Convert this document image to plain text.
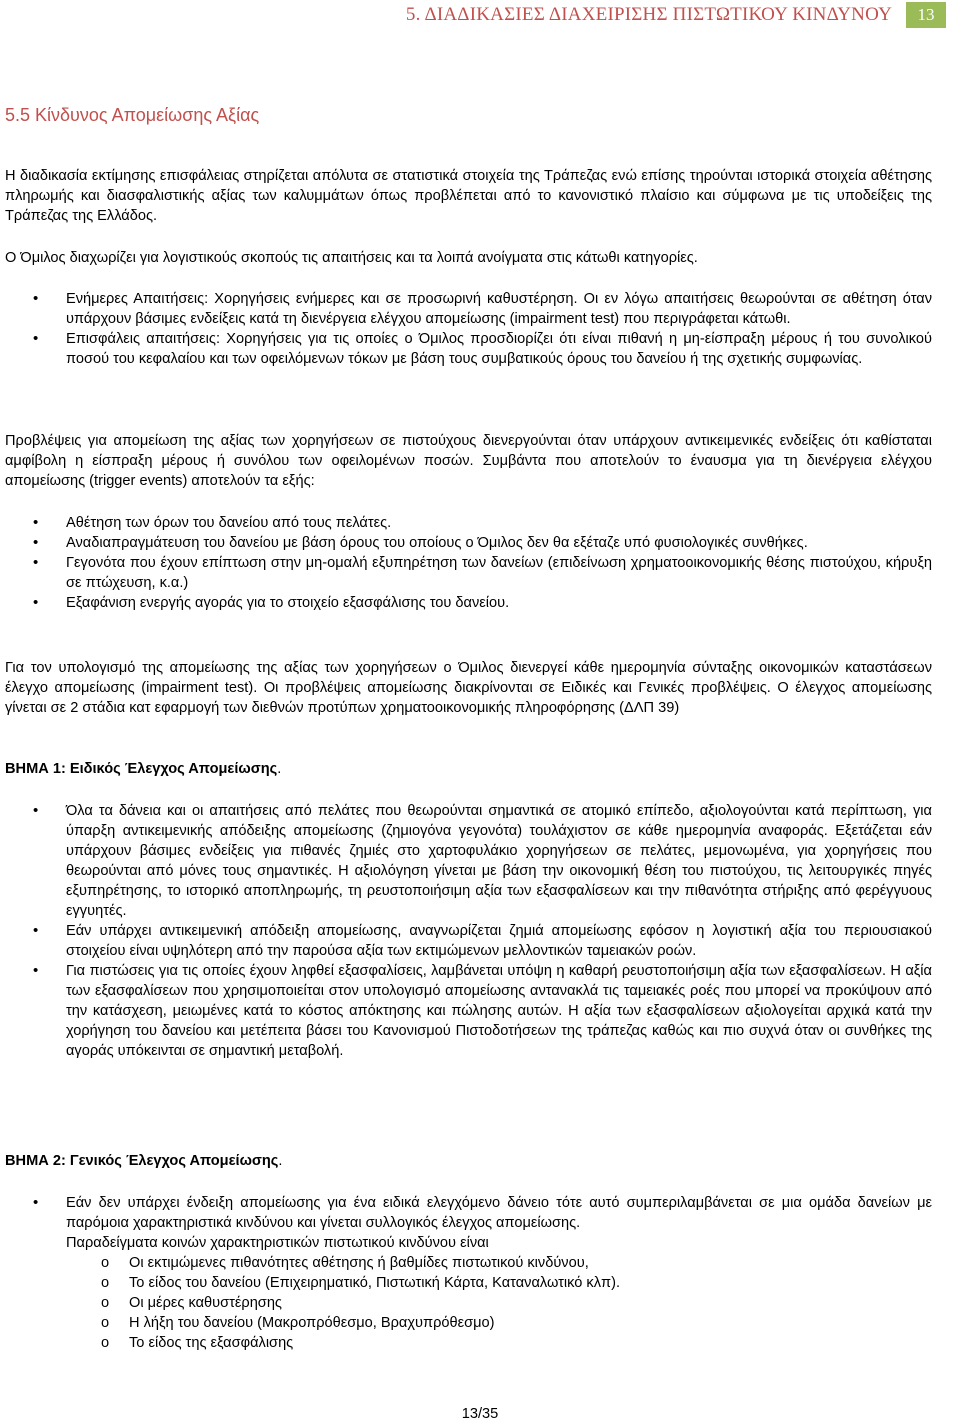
5. ΔΙΑΔΙΚΑΣΙΕΣ ΔΙΑΧΕΙΡΙΣΗΣ ΠΙΣΤΩΤΙΚΟΥ ΚΙΝΔΥΝΟΥ	13
5.5 Κίνδυνος Απομείωσης Αξίας

Η διαδικασία εκτίμησης επισφάλειας στηρίζεται απόλυτα σε στατιστικά στοιχεία της Τράπεζας ενώ επίσης τηρούνται ιστορικά στοιχεία αθέτησης πληρωμής και διασφαλιστικής αξίας των καλυμμάτων όπως προβλέπεται από το κανονιστικό πλαίσιο και σύμφωνα με τις υποδείξεις της Τράπεζας της Ελλάδος.

Ο Όμιλος διαχωρίζει για λογιστικούς σκοπούς τις απαιτήσεις και τα λοιπά ανοίγματα στις κάτωθι κατηγορίες.

• Ενήμερες Απαιτήσεις: Χορηγήσεις ενήμερες και σε προσωρινή καθυστέρηση. Οι εν λόγω απαιτήσεις θεωρούνται σε αθέτηση όταν υπάρχουν βάσιμες ενδείξεις κατά τη διενέργεια ελέγχου απομείωσης (impairment test) που περιγράφεται κάτωθι.
• Επισφάλεις απαιτήσεις: Χορηγήσεις για τις οποίες ο Όμιλος προσδιορίζει ότι είναι πιθανή η μη-είσπραξη μέρους ή του συνολικού ποσού του κεφαλαίου και των οφειλόμενων τόκων με βάση τους συμβατικούς όρους του δανείου ή της σχετικής συμφωνίας.

Προβλέψεις για απομείωση της αξίας των χορηγήσεων σε πιστούχους διενεργούνται όταν υπάρχουν αντικειμενικές ενδείξεις ότι καθίσταται αμφίβολη η είσπραξη μέρους ή συνόλου των οφειλομένων ποσών. Συμβάντα που αποτελούν το έναυσμα για τη διενέργεια ελέγχου απομείωσης (trigger events) αποτελούν τα εξής:

• Αθέτηση των όρων του δανείου από τους πελάτες.
• Αναδιαπραγμάτευση του δανείου με βάση όρους του οποίους ο Όμιλος δεν θα εξέταζε υπό φυσιολογικές συνθήκες.
• Γεγονότα που έχουν επίπτωση στην μη-ομαλή εξυπηρέτηση των δανείων (επιδείνωση χρηματοοικονομικής θέσης πιστούχου, κήρυξη σε πτώχευση, κ.α.)
• Εξαφάνιση ενεργής αγοράς για το στοιχείο εξασφάλισης του δανείου.

Για τον υπολογισμό της απομείωσης της αξίας των χορηγήσεων ο Όμιλος διενεργεί κάθε ημερομηνία σύνταξης οικονομικών καταστάσεων έλεγχο απομείωσης (impairment test). Οι προβλέψεις απομείωσης διακρίνονται σε Ειδικές και Γενικές προβλέψεις. Ο έλεγχος απομείωσης γίνεται σε 2 στάδια κατ εφαρμογή των διεθνών προτύπων χρηματοοικονομικής πληροφόρησης (ΔΛΠ 39)

ΒΗΜΑ 1: Ειδικός Έλεγχος Απομείωσης.

• Όλα τα δάνεια και οι απαιτήσεις από πελάτες που θεωρούνται σημαντικά σε ατομικό επίπεδο, αξιολογούνται κατά περίπτωση, για ύπαρξη αντικειμενικής απόδειξης απομείωσης (ζημιογόνα γεγονότα) τουλάχιστον σε κάθε ημερομηνία αναφοράς. Εξετάζεται εάν υπάρχουν βάσιμες ενδείξεις για πιθανές ζημιές στο χαρτοφυλάκιο χορηγήσεων σε πελάτες, μεμονωμένα, για χορηγήσεις που θεωρούνται από μόνες τους σημαντικές. Η αξιολόγηση γίνεται με βάση την οικονομική θέση του πιστούχου, τις λειτουργικές πηγές εξυπηρέτησης, το ιστορικό αποπληρωμής, τη ρευστοποιήσιμη αξία των εξασφαλίσεων και την πιθανότητα στήριξης από φερέγγυους εγγυητές.
• Εάν υπάρχει αντικειμενική απόδειξη απομείωσης, αναγνωρίζεται ζημιά απομείωσης εφόσον η λογιστική αξία του περιουσιακού στοιχείου είναι υψηλότερη από την παρούσα αξία των εκτιμώμενων μελλοντικών ταμειακών ροών.
• Για πιστώσεις για τις οποίες έχουν ληφθεί εξασφαλίσεις, λαμβάνεται υπόψη η καθαρή ρευστοποιήσιμη αξία των εξασφαλίσεων. Η αξία των εξασφαλίσεων που χρησιμοποιείται στον υπολογισμό απομείωσης αντανακλά τις ταμειακές ροές που μπορεί να προκύψουν από την κατάσχεση, μειωμένες κατά το κόστος απόκτησης και πώλησης αυτών. Η αξία των εξασφαλίσεων αξιολογείται αρχικά κατά την χορήγηση του δανείου και μετέπειτα βάσει του Κανονισμού Πιστοδοτήσεων της τράπεζας καθώς και πιο συχνά όταν οι συνθήκες της αγοράς υπόκεινται σε σημαντική μεταβολή.

ΒΗΜΑ 2: Γενικός Έλεγχος Απομείωσης.

• Εάν δεν υπάρχει ένδειξη απομείωσης για ένα ειδικά ελεγχόμενο δάνειο τότε αυτό συμπεριλαμβάνεται σε μια ομάδα δανείων με παρόμοια χαρακτηριστικά κινδύνου και γίνεται συλλογικός έλεγχος απομείωσης.
Παραδείγματα κοινών χαρακτηριστικών πιστωτικού κινδύνου είναι
o Οι εκτιμώμενες πιθανότητες αθέτησης ή βαθμίδες πιστωτικού κινδύνου,
o Το είδος του δανείου (Επιχειρηματικό, Πιστωτική Κάρτα, Καταναλωτικό κλπ).
o Οι μέρες καθυστέρησης
o Η λήξη του δανείου (Μακροπρόθεσμο, Βραχυπρόθεσμο)
o Το είδος της εξασφάλισης
13/35
